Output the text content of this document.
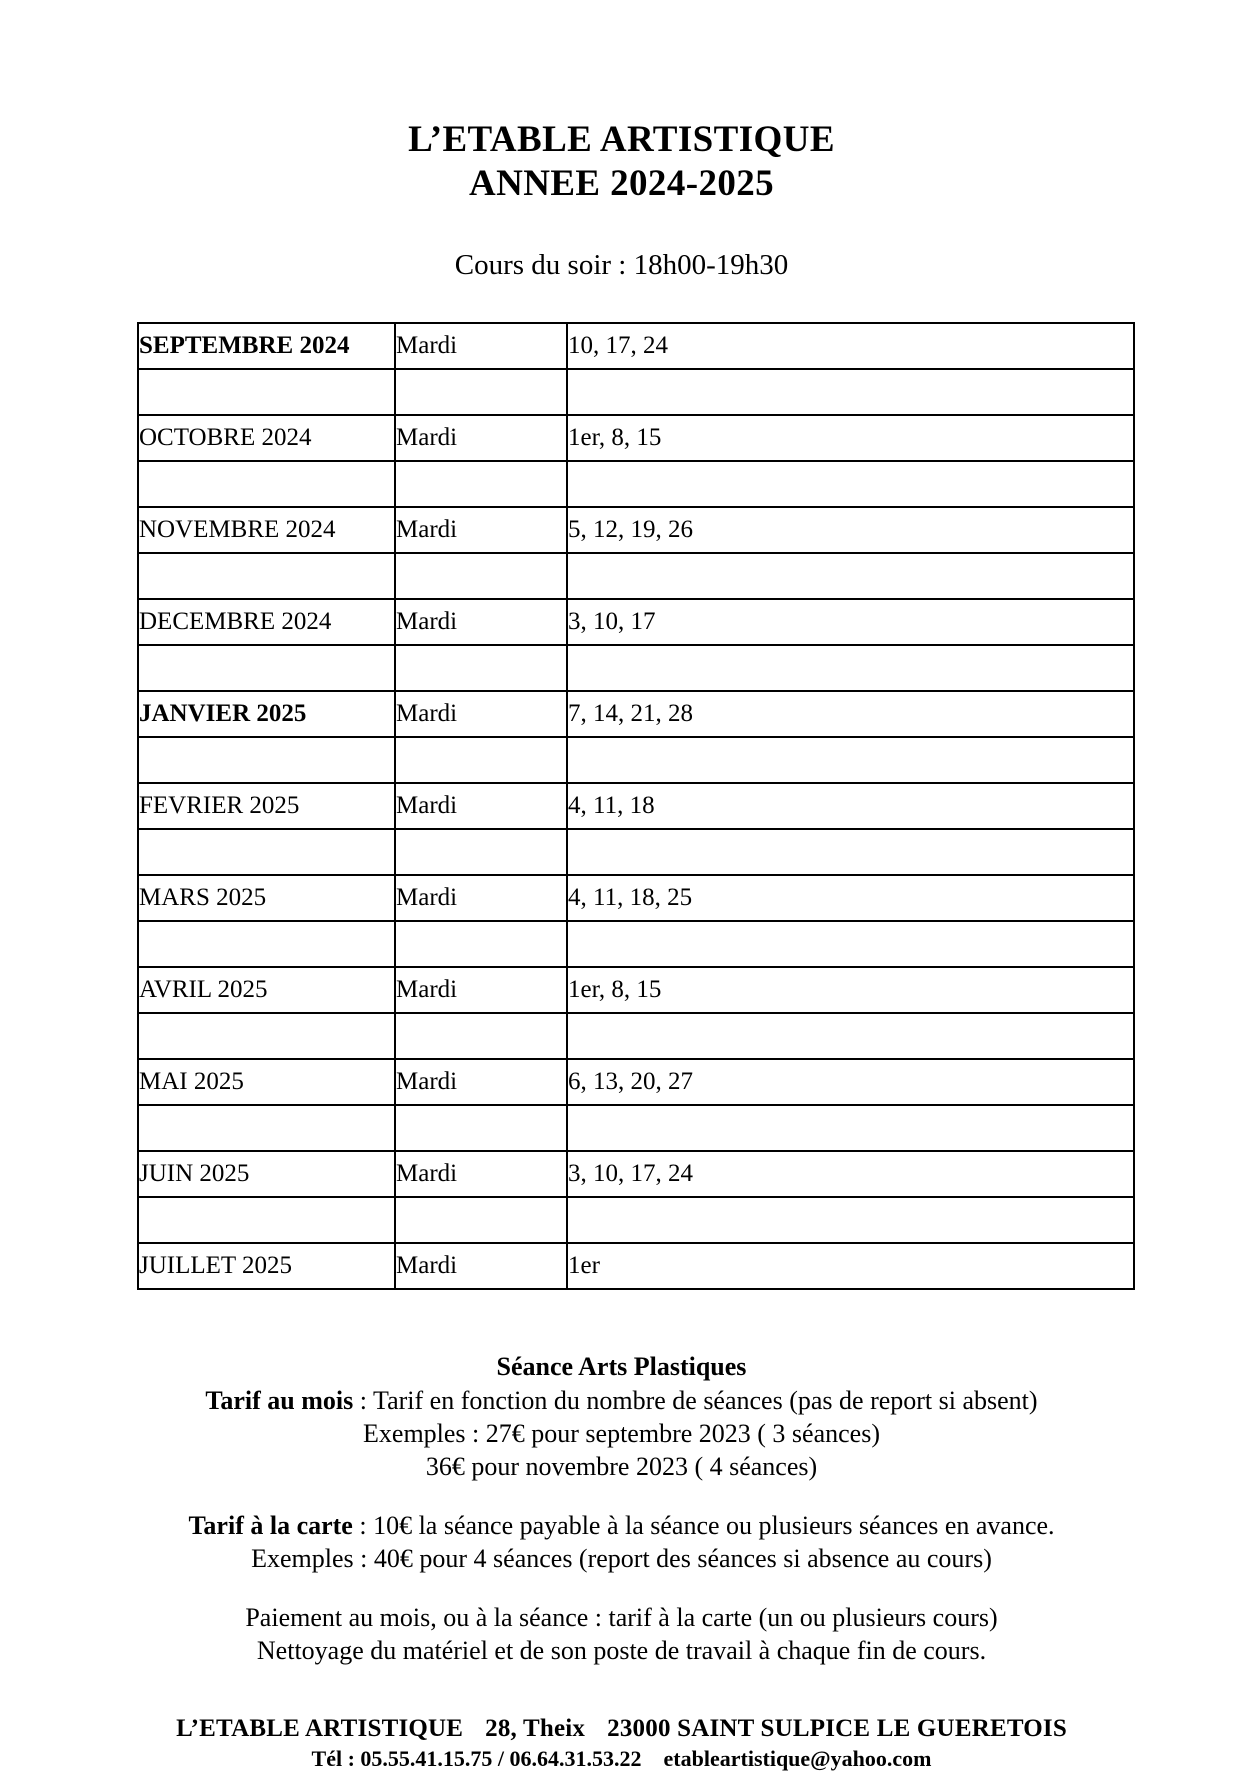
L’ETABLE ARTISTIQUE
ANNEE 2024-2025
Cours du soir : 18h00-19h30
SEPTEMBRE 2024	Mardi	10, 17, 24

OCTOBRE 2024	Mardi	1er, 8, 15

NOVEMBRE 2024	Mardi	5, 12, 19, 26

DECEMBRE 2024	Mardi	3, 10, 17

JANVIER 2025	Mardi	7, 14, 21, 28

FEVRIER 2025	Mardi	4, 11, 18

MARS 2025	Mardi	4, 11, 18, 25

AVRIL 2025	Mardi	1er, 8, 15

MAI 2025	Mardi	6, 13, 20, 27

JUIN 2025	Mardi	3, 10, 17, 24

JUILLET 2025	Mardi	1er
Séance Arts Plastiques
Tarif au mois : Tarif en fonction du nombre de séances (pas de report si absent)
Exemples : 27€ pour septembre 2023 ( 3 séances)
36€ pour novembre 2023 ( 4 séances)
Tarif à la carte : 10€ la séance payable à la séance ou plusieurs séances en avance.
Exemples : 40€ pour 4 séances (report des séances si absence au cours)
Paiement au mois, ou à la séance : tarif à la carte (un ou plusieurs cours)
Nettoyage du matériel et de son poste de travail à chaque fin de cours.
L’ETABLE ARTISTIQUE 28, Theix 23000 SAINT SULPICE LE GUERETOIS
Tél : 05.55.41.15.75 / 06.64.31.53.22 etableartistique@yahoo.com
